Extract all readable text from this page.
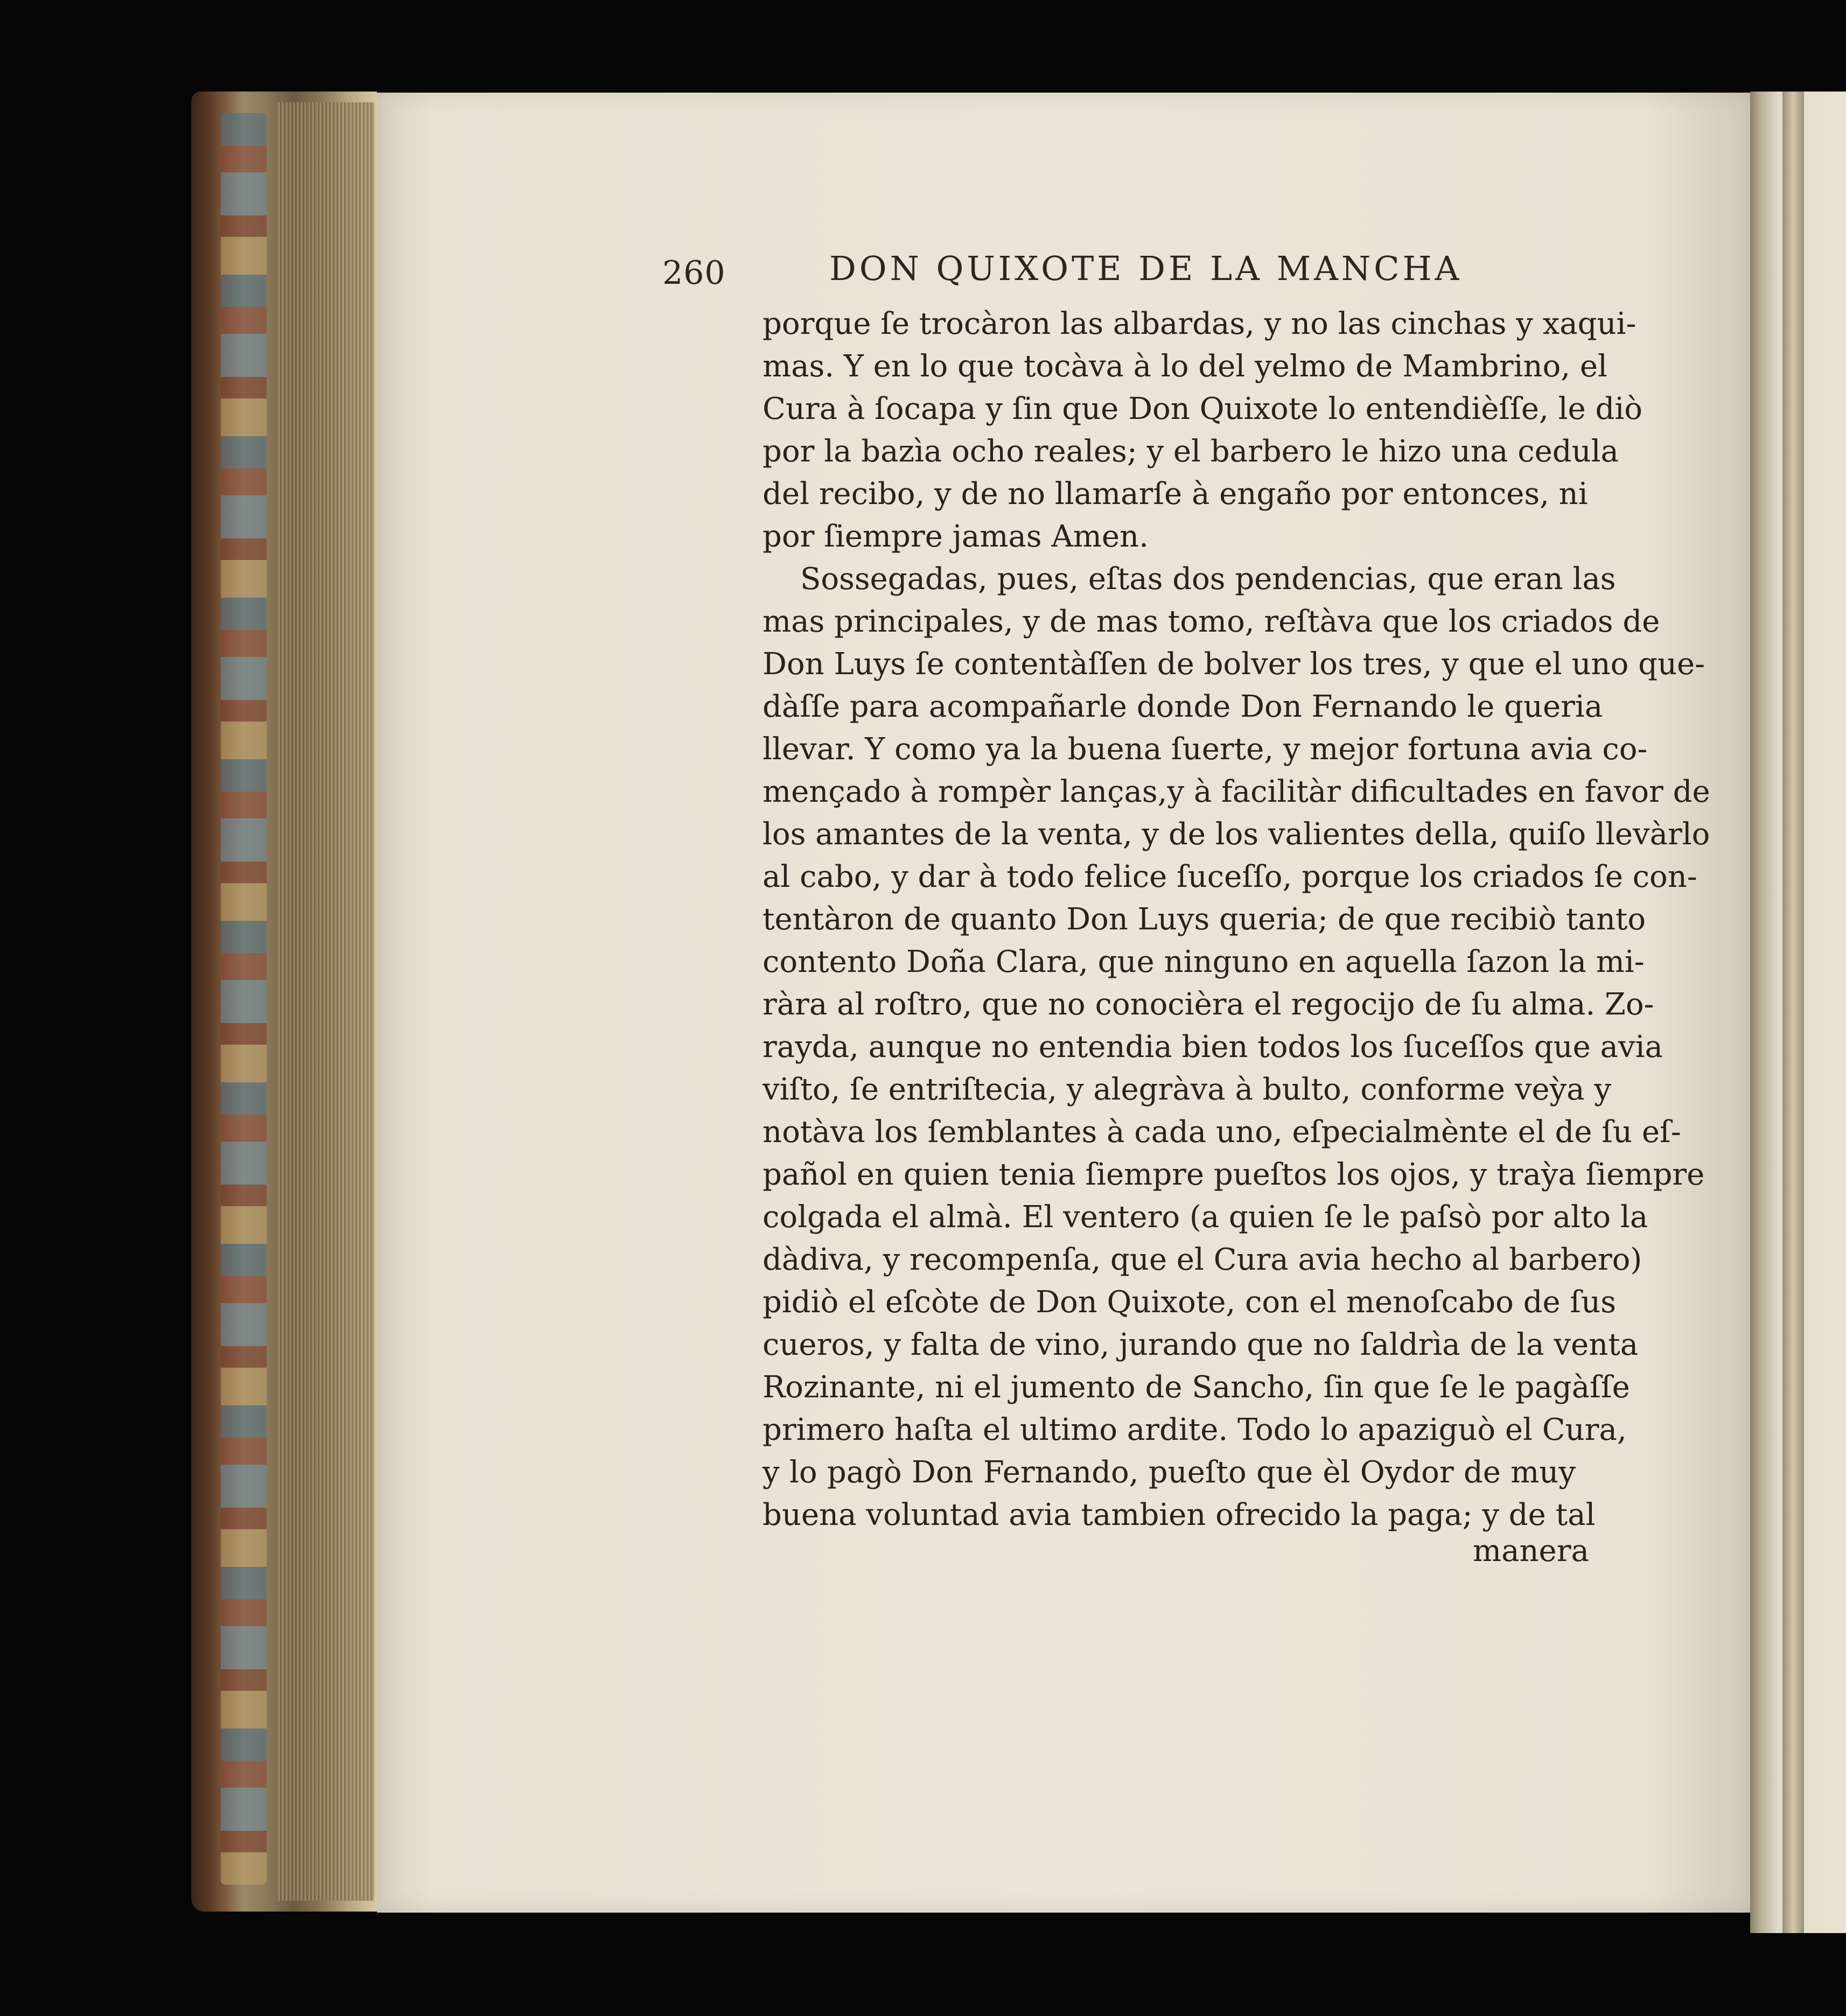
260	DON QUIXOTE DE LA MANCHA
porque ſe trocàron las albardas, y no las cinchas y xaqui-
mas. Y en lo que tocàva à lo del yelmo de Mambrino, el
Cura à ſocapa y ſin que Don Quixote lo entendièſſe, le diò
por la bazìa ocho reales; y el barbero le hizo una cedula
del recibo, y de no llamarſe à engaño por entonces, ni
por ſiempre jamas Amen.
Sossegadas, pues, eſtas dos pendencias, que eran las
mas principales, y de mas tomo, reſtàva que los criados de
Don Luys ſe contentàſſen de bolver los tres, y que el uno que-
dàſſe para acompañarle donde Don Fernando le queria
llevar. Y como ya la buena ſuerte, y mejor fortuna avia co-
mençado à rompèr lanças,y à facilitàr dificultades en favor de
los amantes de la venta, y de los valientes della, quiſo llevàrlo
al cabo, y dar à todo felice ſuceſſo, porque los criados ſe con-
tentàron de quanto Don Luys queria; de que recibiò tanto
contento Doña Clara, que ninguno en aquella ſazon la mi-
ràra al roſtro, que no conocièra el regocijo de ſu alma. Zo-
rayda, aunque no entendia bien todos los ſuceſſos que avia
viſto, ſe entriſtecia, y alegràva à bulto, conforme veỳa y
notàva los ſemblantes à cada uno, eſpecialmènte el de ſu eſ-
pañol en quien tenia ſiempre pueſtos los ojos, y traỳa ſiempre
colgada el almà. El ventero (a quien ſe le paſsò por alto la
dàdiva, y recompenſa, que el Cura avia hecho al barbero)
pidiò el eſcòte de Don Quixote, con el menoſcabo de ſus
cueros, y falta de vino, jurando que no ſaldrìa de la venta
Rozinante, ni el jumento de Sancho, ſin que ſe le pagàſſe
primero haſta el ultimo ardite. Todo lo apaziguò el Cura,
y lo pagò Don Fernando, pueſto que èl Oydor de muy
buena voluntad avia tambien ofrecido la paga; y de tal
manera
